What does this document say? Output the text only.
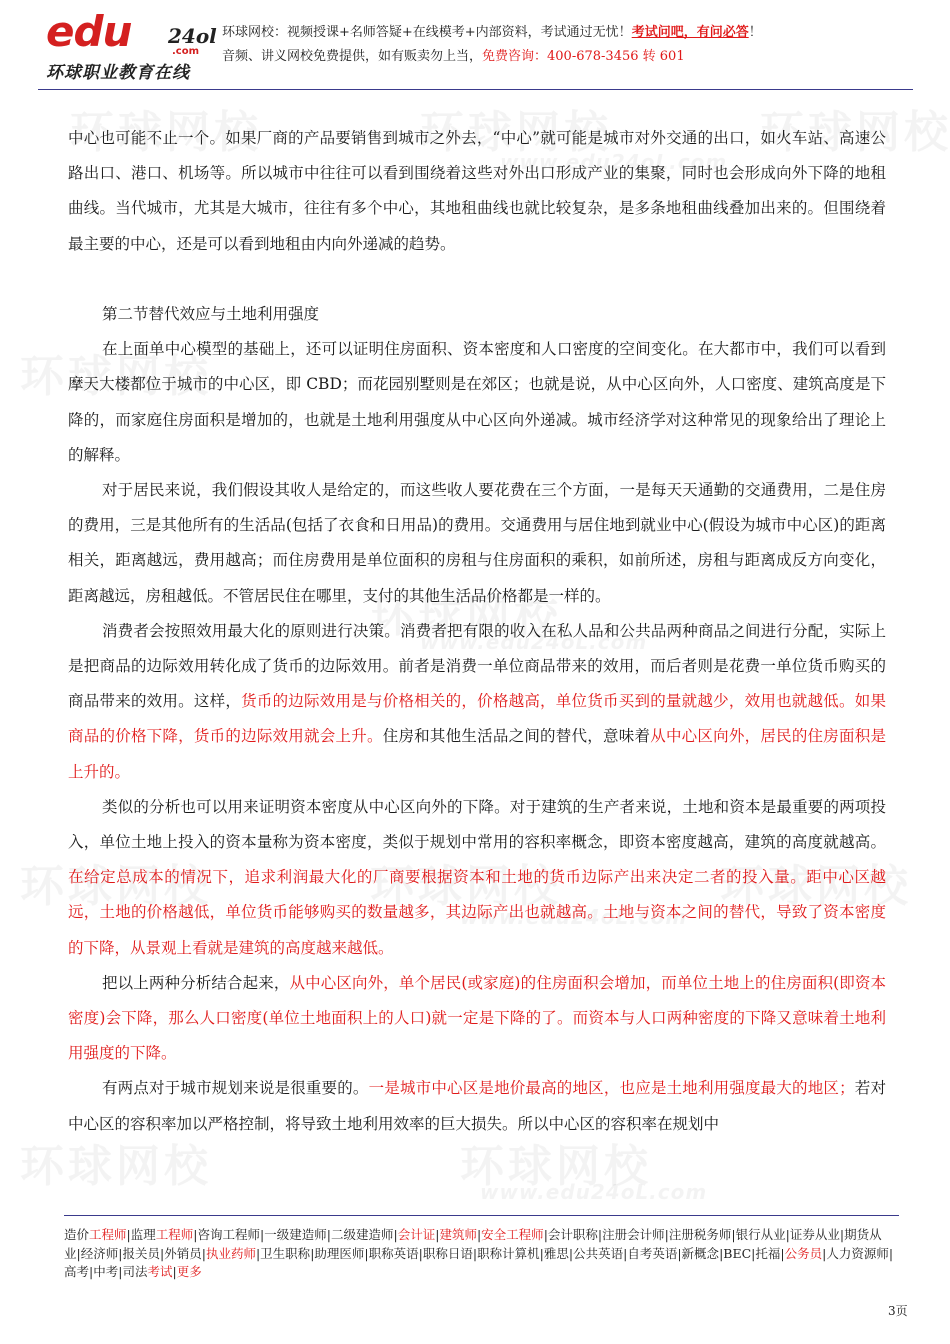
edu 24ol
.com
环球职业教育在线
环球网校：视频授课+名师答疑+在线模考+内部资料，考试通过无忧！考试问吧，有问必答！
音频、讲义网校免费提供，如有贩卖勿上当，免费咨询：400-678-3456 转 601

中心也可能不止一个。如果厂商的产品要销售到城市之外去，“中心”就可能是城市对外交通的出口，如火车站、高速公路出口、港口、机场等。所以城市中往往可以看到围绕着这些对外出口形成产业的集聚，同时也会形成向外下降的地租曲线。当代城市，尤其是大城市，往往有多个中心，其地租曲线也就比较复杂，是多条地租曲线叠加出来的。但围绕着最主要的中心，还是可以看到地租由内向外递减的趋势。

第二节替代效应与土地利用强度

在上面单中心模型的基础上，还可以证明住房面积、资本密度和人口密度的空间变化。在大都市中，我们可以看到摩天大楼都位于城市的中心区，即 CBD；而花园别墅则是在郊区；也就是说，从中心区向外，人口密度、建筑高度是下降的，而家庭住房面积是增加的，也就是土地利用强度从中心区向外递减。城市经济学对这种常见的现象给出了理论上的解释。

对于居民来说，我们假设其收人是给定的，而这些收人要花费在三个方面，一是每天天通勤的交通费用，二是住房的费用，三是其他所有的生活品(包括了衣食和日用品)的费用。交通费用与居住地到就业中心(假设为城市中心区)的距离相关，距离越远，费用越高；而住房费用是单位面积的房租与住房面积的乘积，如前所述，房租与距离成反方向变化，距离越远，房租越低。不管居民住在哪里，支付的其他生活品价格都是一样的。

消费者会按照效用最大化的原则进行决策。消费者把有限的收入在私人品和公共品两种商品之间进行分配，实际上是把商品的边际效用转化成了货币的边际效用。前者是消费一单位商品带来的效用，而后者则是花费一单位货币购买的商品带来的效用。这样，货币的边际效用是与价格相关的，价格越高，单位货币买到的量就越少，效用也就越低。如果商品的价格下降，货币的边际效用就会上升。住房和其他生活品之间的替代，意味着从中心区向外，居民的住房面积是上升的。

类似的分析也可以用来证明资本密度从中心区向外的下降。对于建筑的生产者来说，土地和资本是最重要的两项投入，单位土地上投入的资本量称为资本密度，类似于规划中常用的容积率概念，即资本密度越高，建筑的高度就越高。在给定总成本的情况下，追求利润最大化的厂商要根据资本和土地的货币边际产出来决定二者的投入量。距中心区越远，土地的价格越低，单位货币能够购买的数量越多，其边际产出也就越高。土地与资本之间的替代，导致了资本密度的下降，从景观上看就是建筑的高度越来越低。

把以上两种分析结合起来，从中心区向外，单个居民(或家庭)的住房面积会增加，而单位土地上的住房面积(即资本密度)会下降，那么人口密度(单位土地面积上的人口)就一定是下降的了。而资本与人口两种密度的下降又意味着土地利用强度的下降。

有两点对于城市规划来说是很重要的。一是城市中心区是地价最高的地区，也应是土地利用强度最大的地区；若对中心区的容积率加以严格控制，将导致土地利用效率的巨大损失。所以中心区的容积率在规划中

造价工程师|监理工程师|咨询工程师|一级建造师|二级建造师|会计证|建筑师|安全工程师|会计职称|注册会计师|注册税务师|银行从业|证券从业|期货从业|经济师|报关员|外销员|执业药师|卫生职称|助理医师|职称英语|职称日语|职称计算机|雅思|公共英语|自考英语|新概念|BEC|托福|公务员|人力资源师|高考|中考|司法考试|更多
3页
